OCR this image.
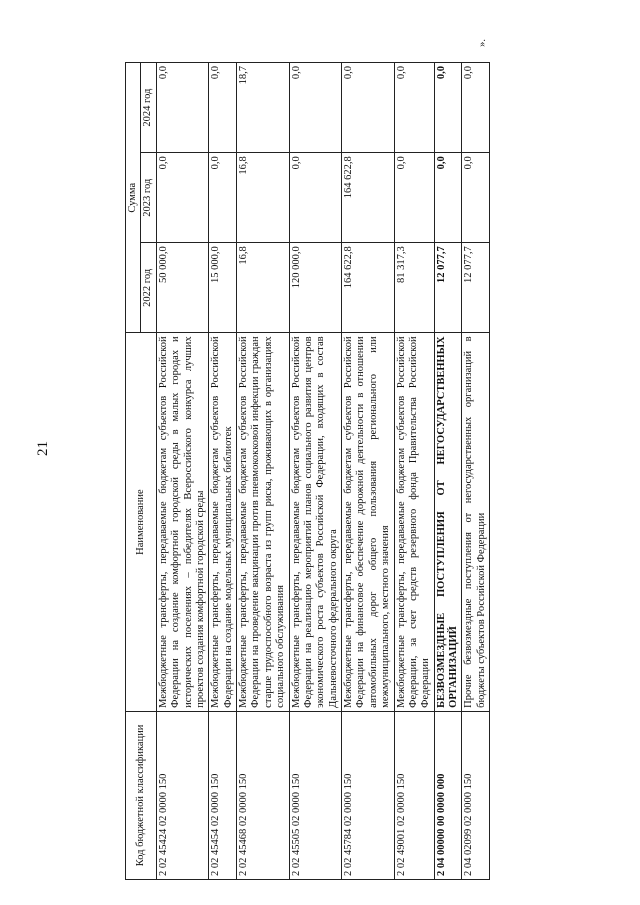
21
Код бюджетной классификации	Наименование	Сумма		
		2022 год	2023 год	2024 год
2 02 45424 02 0000 150	Межбюджетные трансферты, передаваемые бюджетам субъектов Российской Федерации на создание комфортной городской среды в малых городах и исторических поселениях – победителях Всероссийского конкурса лучших проектов создания комфортной городской среды	50 000,0	0,0	0,0
2 02 45454 02 0000 150	Межбюджетные трансферты, передаваемые бюджетам субъектов Российской Федерации на создание модельных муниципальных библиотек	15 000,0	0,0	0,0
2 02 45468 02 0000 150	Межбюджетные трансферты, передаваемые бюджетам субъектов Российской Федерации на проведение вакцинации против пневмококковой инфекции граждан старше трудоспособного возраста из групп риска, проживающих в организациях социального обслуживания	16,8	16,8	18,7
2 02 45505 02 0000 150	Межбюджетные трансферты, передаваемые бюджетам субъектов Российской Федерации на реализацию мероприятий планов социального развития центров экономического роста субъектов Российской Федерации, входящих в состав Дальневосточного федерального округа	120 000,0	0,0	0,0
2 02 45784 02 0000 150	Межбюджетные трансферты, передаваемые бюджетам субъектов Российской Федерации на финансовое обеспечение дорожной деятельности в отношении автомобильных дорог общего пользования регионального или межмуниципального, местного значения	164 622,8	164 622,8	0,0
2 02 49001 02 0000 150	Межбюджетные трансферты, передаваемые бюджетам субъектов Российской Федерации, за счет средств резервного фонда Правительства Российской Федерации	81 317,3	0,0	0,0
2 04 00000 00 0000 000	БЕЗВОЗМЕЗДНЫЕ ПОСТУПЛЕНИЯ ОТ НЕГОСУДАРСТВЕННЫХ ОРГАНИЗАЦИЙ	12 077,7	0,0	0,0
2 04 02099 02 0000 150	Прочие безвозмездные поступления от негосударственных организаций в бюджеты субъектов Российской Федерации	12 077,7	0,0	0,0
».
